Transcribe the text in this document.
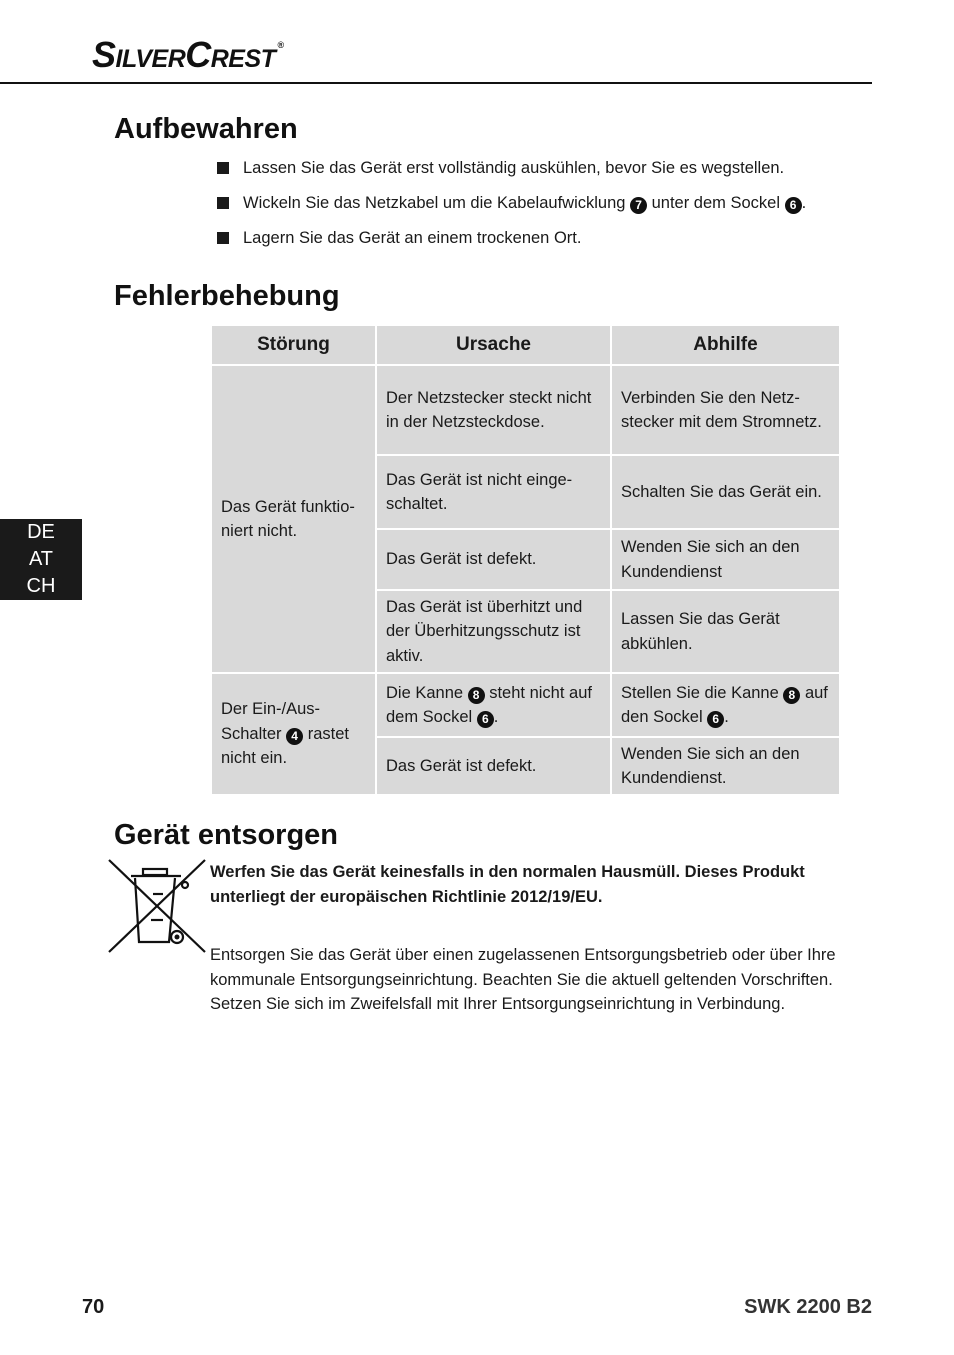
SilverCrest ®
Aufbewahren
Lassen Sie das Gerät erst vollständig auskühlen, bevor Sie es wegstellen.
Wickeln Sie das Netzkabel um die Kabelaufwicklung 7 unter dem Sockel 6 .
Lagern Sie das Gerät an einem trockenen Ort.
Fehlerbehebung
Störung	Ursache	Abhilfe
Das Gerät funktio-niert nicht.	Der Netzstecker steckt nicht in der Netzsteckdose.	Verbinden Sie den Netz-stecker mit dem Stromnetz.
	Das Gerät ist nicht einge-schaltet.	Schalten Sie das Gerät ein.
	Das Gerät ist defekt.	Wenden Sie sich an den Kundendienst
	Das Gerät ist überhitzt und der Überhitzungsschutz ist aktiv.	Lassen Sie das Gerät abkühlen.
Der Ein-/Aus-Schalter 4 rastet nicht ein.	Die Kanne 8 steht nicht auf dem Sockel 6 .	Stellen Sie die Kanne 8 auf den Sockel 6 .
	Das Gerät ist defekt.	Wenden Sie sich an den Kundendienst.
DE
AT
CH
Gerät entsorgen
Werfen Sie das Gerät keinesfalls in den normalen Hausmüll. Dieses Produkt unterliegt der europäischen Richtlinie 2012/19/EU.
Entsorgen Sie das Gerät über einen zugelassenen Entsorgungsbetrieb oder über Ihre kommunale Entsorgungseinrichtung. Beachten Sie die aktuell geltenden Vorschriften. Setzen Sie sich im Zweifelsfall mit Ihrer Entsorgungseinrichtung in Verbindung.
70	SWK 2200 B2
